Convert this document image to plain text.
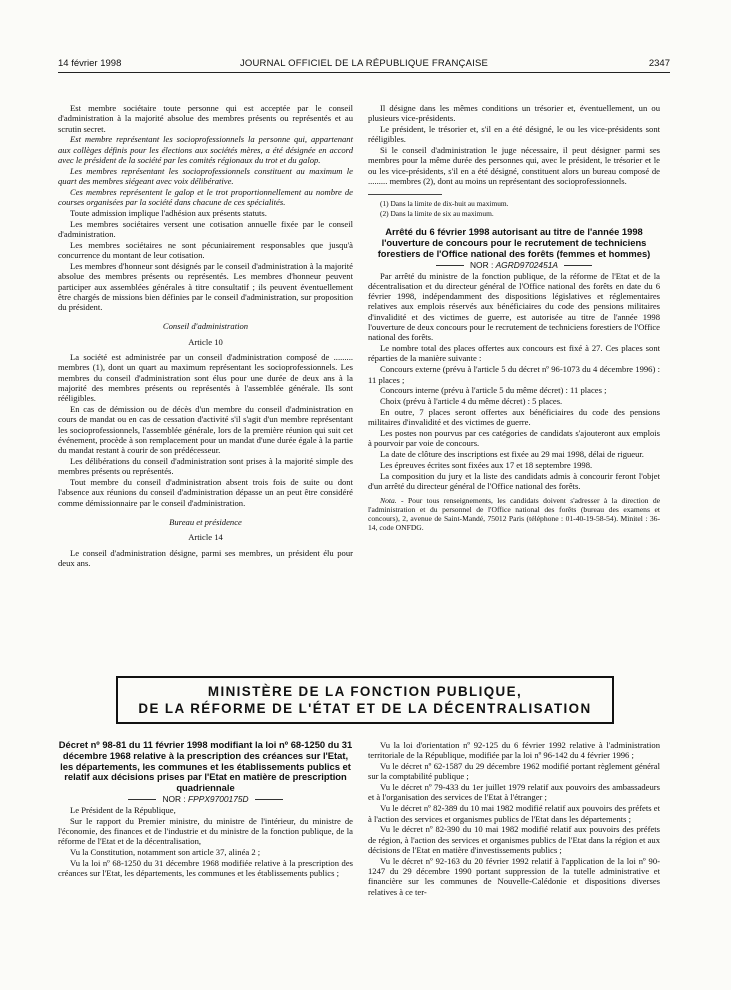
14 février 1998	JOURNAL OFFICIEL DE LA RÉPUBLIQUE FRANÇAISE	2347

Est membre sociétaire toute personne qui est acceptée par le conseil d'administration à la majorité absolue des membres présents ou représentés et au scrutin secret.

Est membre représentant les socioprofessionnels la personne qui, appartenant aux collèges définis pour les élections aux sociétés mères, a été désignée en accord avec le président de la société par les comités régionaux du trot et du galop.

Les membres représentant les socioprofessionnels constituent au maximum le quart des membres siégeant avec voix délibérative.

Ces membres représentent le galop et le trot proportionnellement au nombre de courses organisées par la société dans chacune de ces spécialités.

Toute admission implique l'adhésion aux présents statuts.

Les membres sociétaires versent une cotisation annuelle fixée par le conseil d'administration.

Les membres sociétaires ne sont pécuniairement responsables que jusqu'à concurrence du montant de leur cotisation.

Les membres d'honneur sont désignés par le conseil d'administration à la majorité absolue des membres présents ou représentés. Les membres d'honneur peuvent participer aux assemblées générales à titre consultatif ; ils peuvent éventuellement être chargés de missions bien définies par le conseil d'administration, sur proposition du président.

Conseil d'administration
Article 10

La société est administrée par un conseil d'administration composé de ......... membres (1), dont un quart au maximum représentant les socioprofessionnels. Les membres du conseil d'administration sont élus pour une durée de deux ans à la majorité des membres présents ou représentés à l'assemblée générale. Ils sont rééligibles.

En cas de démission ou de décès d'un membre du conseil d'administration en cours de mandat ou en cas de cessation d'activité s'il s'agit d'un membre représentant les socioprofessionnels, l'assemblée générale, lors de la première réunion qui suit cet événement, procède à son remplacement pour un mandat d'une durée égale à la partie du mandat restant à courir de son prédécesseur.

Les délibérations du conseil d'administration sont prises à la majorité simple des membres présents ou représentés.

Tout membre du conseil d'administration absent trois fois de suite ou dont l'absence aux réunions du conseil d'administration dépasse un an peut être considéré comme démissionnaire par le conseil d'administration.

Bureau et présidence
Article 14

Le conseil d'administration désigne, parmi ses membres, un président élu pour deux ans.

Il désigne dans les mêmes conditions un trésorier et, éventuellement, un ou plusieurs vice-présidents.

Le président, le trésorier et, s'il en a été désigné, le ou les vice-présidents sont rééligibles.

Si le conseil d'administration le juge nécessaire, il peut désigner parmi ses membres pour la même durée des personnes qui, avec le président, le trésorier et le ou les vice-présidents, s'il en a été désigné, constituent alors un bureau composé de ......... membres (2), dont au moins un représentant des socioprofessionnels.

(1) Dans la limite de dix-huit au maximum.

(2) Dans la limite de six au maximum.

Arrêté du 6 février 1998 autorisant au titre de l'année 1998 l'ouverture de concours pour le recrutement de techniciens forestiers de l'Office national des forêts (femmes et hommes)

NOR : AGRD9702451A

Par arrêté du ministre de la fonction publique, de la réforme de l'Etat et de la décentralisation et du directeur général de l'Office national des forêts en date du 6 février 1998, indépendamment des dispositions législatives et réglementaires relatives aux emplois réservés aux bénéficiaires du code des pensions militaires d'invalidité et des victimes de guerre, est autorisée au titre de l'année 1998 l'ouverture de deux concours pour le recrutement de techniciens forestiers de l'Office national des forêts.

Le nombre total des places offertes aux concours est fixé à 27. Ces places sont réparties de la manière suivante :

Concours externe (prévu à l'article 5 du décret nº 96-1073 du 4 décembre 1996) : 11 places ;

Concours interne (prévu à l'article 5 du même décret) : 11 places ;

Choix (prévu à l'article 4 du même décret) : 5 places.

En outre, 7 places seront offertes aux bénéficiaires du code des pensions militaires d'invalidité et des victimes de guerre.

Les postes non pourvus par ces catégories de candidats s'ajouteront aux emplois à pourvoir par voie de concours.

La date de clôture des inscriptions est fixée au 29 mai 1998, délai de rigueur.

Les épreuves écrites sont fixées aux 17 et 18 septembre 1998.

La composition du jury et la liste des candidats admis à concourir feront l'objet d'un arrêté du directeur général de l'Office national des forêts.

Nota. - Pour tous renseignements, les candidats doivent s'adresser à la direction de l'administration et du personnel de l'Office national des forêts (bureau des examens et concours), 2, avenue de Saint-Mandé, 75012 Paris (téléphone : 01-40-19-58-54). Minitel : 36-14, code ONFDG.

MINISTÈRE DE LA FONCTION PUBLIQUE,
DE LA RÉFORME DE L'ÉTAT ET DE LA DÉCENTRALISATION
Décret nº 98-81 du 11 février 1998 modifiant la loi nº 68-1250 du 31 décembre 1968 relative à la prescription des créances sur l'Etat, les départements, les communes et les établissements publics et relatif aux décisions prises par l'Etat en matière de prescription quadriennale

NOR : FPPX9700175D

Le Président de la République,

Sur le rapport du Premier ministre, du ministre de l'intérieur, du ministre de l'économie, des finances et de l'industrie et du ministre de la fonction publique, de la réforme de l'Etat et de la décentralisation,

Vu la Constitution, notamment son article 37, alinéa 2 ;

Vu la loi nº 68-1250 du 31 décembre 1968 modifiée relative à la prescription des créances sur l'Etat, les départements, les communes et les établissements publics ;

Vu la loi d'orientation nº 92-125 du 6 février 1992 relative à l'administration territoriale de la République, modifiée par la loi nº 96-142 du 4 février 1996 ;

Vu le décret nº 62-1587 du 29 décembre 1962 modifié portant règlement général sur la comptabilité publique ;

Vu le décret nº 79-433 du 1er juillet 1979 relatif aux pouvoirs des ambassadeurs et à l'organisation des services de l'Etat à l'étranger ;

Vu le décret nº 82-389 du 10 mai 1982 modifié relatif aux pouvoirs des préfets et à l'action des services et organismes publics de l'Etat dans les départements ;

Vu le décret nº 82-390 du 10 mai 1982 modifié relatif aux pouvoirs des préfets de région, à l'action des services et organismes publics de l'Etat dans la région et aux décisions de l'Etat en matière d'investissements publics ;

Vu le décret nº 92-163 du 20 février 1992 relatif à l'application de la loi nº 90-1247 du 29 décembre 1990 portant suppression de la tutelle administrative et financière sur les communes de Nouvelle-Calédonie et dispositions diverses relatives à ce ter-
